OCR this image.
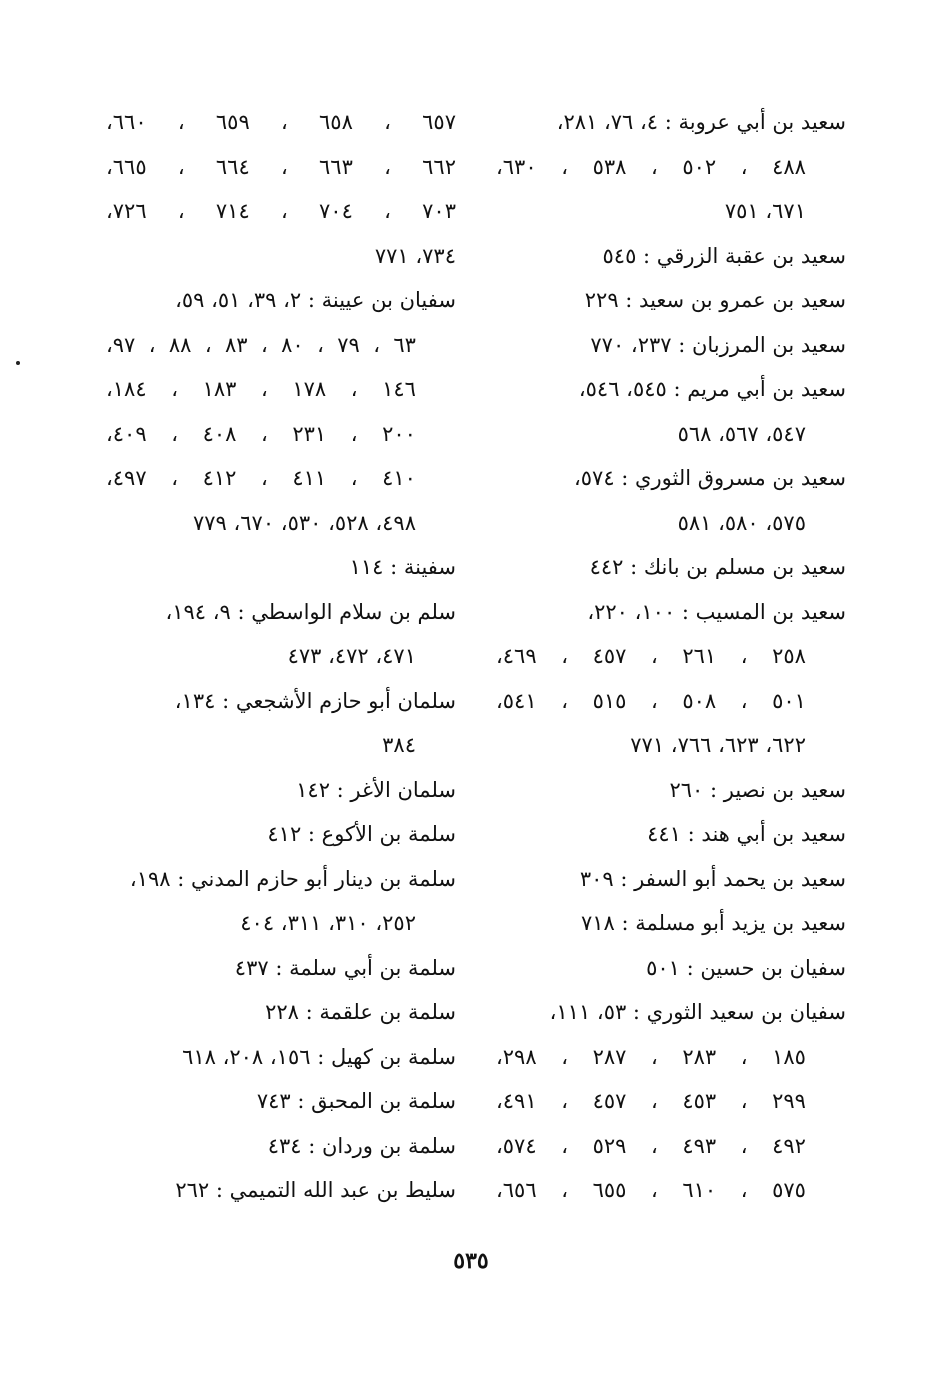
سعيد بن أبي عروبة : ٤، ٧٦، ٢٨١،
٤٨٨ ، ٥٠٢ ، ٥٣٨ ، ٦٣٠،
٦٧١، ٧٥١
سعيد بن عقبة الزرقي : ٥٤٥
سعيد بن عمرو بن سعيد : ٢٢٩
سعيد بن المرزبان : ٢٣٧، ٧٧٠
سعيد بن أبي مريم : ٥٤٥، ٥٤٦،
٥٤٧، ٥٦٧، ٥٦٨
سعيد بن مسروق الثوري : ٥٧٤،
٥٧٥، ٥٨٠، ٥٨١
سعيد بن مسلم بن بانك : ٤٤٢
سعيد بن المسيب : ١٠٠، ٢٢٠،
٢٥٨ ، ٢٦١ ، ٤٥٧ ، ٤٦٩،
٥٠١ ، ٥٠٨ ، ٥١٥ ، ٥٤١،
٦٢٢، ٦٢٣، ٧٦٦، ٧٧١
سعيد بن نصير : ٢٦٠
سعيد بن أبي هند : ٤٤١
سعيد بن يحمد أبو السفر : ٣٠٩
سعيد بن يزيد أبو مسلمة : ٧١٨
سفيان بن حسين : ٥٠١
سفيان بن سعيد الثوري : ٥٣، ١١١،
١٨٥ ، ٢٨٣ ، ٢٨٧ ، ٢٩٨،
٢٩٩ ، ٤٥٣ ، ٤٥٧ ، ٤٩١،
٤٩٢ ، ٤٩٣ ، ٥٢٩ ، ٥٧٤،
٥٧٥ ، ٦١٠ ، ٦٥٥ ، ٦٥٦،
٦٥٧ ، ٦٥٨ ، ٦٥٩ ، ٦٦٠،
٦٦٢ ، ٦٦٣ ، ٦٦٤ ، ٦٦٥،
٧٠٣ ، ٧٠٤ ، ٧١٤ ، ٧٢٦،
٧٣٤، ٧٧١
سفيان بن عيينة : ٢، ٣٩، ٥١، ٥٩،
٦٣ ، ٧٩ ، ٨٠ ، ٨٣ ، ٨٨ ، ٩٧،
١٤٦ ، ١٧٨ ، ١٨٣ ، ١٨٤،
٢٠٠ ، ٢٣١ ، ٤٠٨ ، ٤٠٩،
٤١٠ ، ٤١١ ، ٤١٢ ، ٤٩٧،
٤٩٨، ٥٢٨، ٥٣٠، ٦٧٠، ٧٧٩
سفينة : ١١٤
سلم بن سلام الواسطي : ٩، ١٩٤،
٤٧١، ٤٧٢، ٤٧٣
سلمان أبو حازم الأشجعي : ١٣٤،
٣٨٤
سلمان الأغر : ١٤٢
سلمة بن الأكوع : ٤١٢
سلمة بن دينار أبو حازم المدني : ١٩٨،
٢٥٢، ٣١٠، ٣١١، ٤٠٤
سلمة بن أبي سلمة : ٤٣٧
سلمة بن علقمة : ٢٢٨
سلمة بن كهيل : ١٥٦، ٢٠٨، ٦١٨
سلمة بن المحبق : ٧٤٣
سلمة بن وردان : ٤٣٤
سليط بن عبد الله التميمي : ٢٦٢
٥٣٥
